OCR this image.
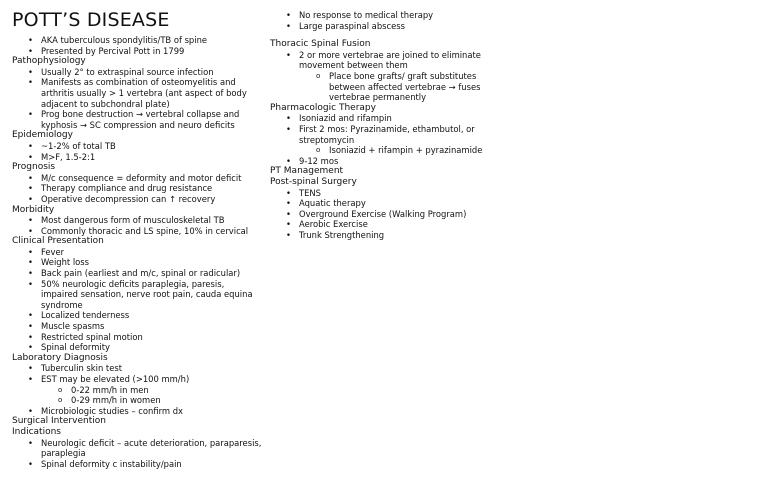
POTT’S DISEASE
• AKA tuberculous spondylitis/TB of spine
• Presented by Percival Pott in 1799
Pathophysiology
• Usually 2° to extraspinal source infection
• Manifests as combination of osteomyelitis and arthritis usually > 1 vertebra (ant aspect of body adjacent to subchondral plate)
• Prog bone destruction → vertebral collapse and kyphosis → SC compression and neuro deficits
Epidemiology
• ~1-2% of total TB
• M>F, 1.5-2:1
Prognosis
• M/c consequence = deformity and motor deficit
• Therapy compliance and drug resistance
• Operative decompression can ↑ recovery
Morbidity
• Most dangerous form of musculoskeletal TB
• Commonly thoracic and LS spine, 10% in cervical
Clinical Presentation
• Fever
• Weight loss
• Back pain (earliest and m/c, spinal or radicular)
• 50% neurologic deficits paraplegia, paresis, impaired sensation, nerve root pain, cauda equina syndrome
• Localized tenderness
• Muscle spasms
• Restricted spinal motion
• Spinal deformity
Laboratory Diagnosis
• Tuberculin skin test
• EST may be elevated (>100 mm/h)
o 0-22 mm/h in men
o 0-29 mm/h in women
• Microbiologic studies – confirm dx
Surgical Intervention
Indications
• Neurologic deficit – acute deterioration, paraparesis, paraplegia
• Spinal deformity c instability/pain
• No response to medical therapy
• Large paraspinal abscess
Thoracic Spinal Fusion
• 2 or more vertebrae are joined to eliminate movement between them
o Place bone grafts/ graft substitutes between affected vertebrae → fuses vertebrae permanently
Pharmacologic Therapy
• Isoniazid and rifampin
• First 2 mos: Pyrazinamide, ethambutol, or streptomycin
o Isoniazid + rifampin + pyrazinamide
• 9-12 mos
PT Management
Post-spinal Surgery
• TENS
• Aquatic therapy
• Overground Exercise (Walking Program)
• Aerobic Exercise
• Trunk Strengthening
